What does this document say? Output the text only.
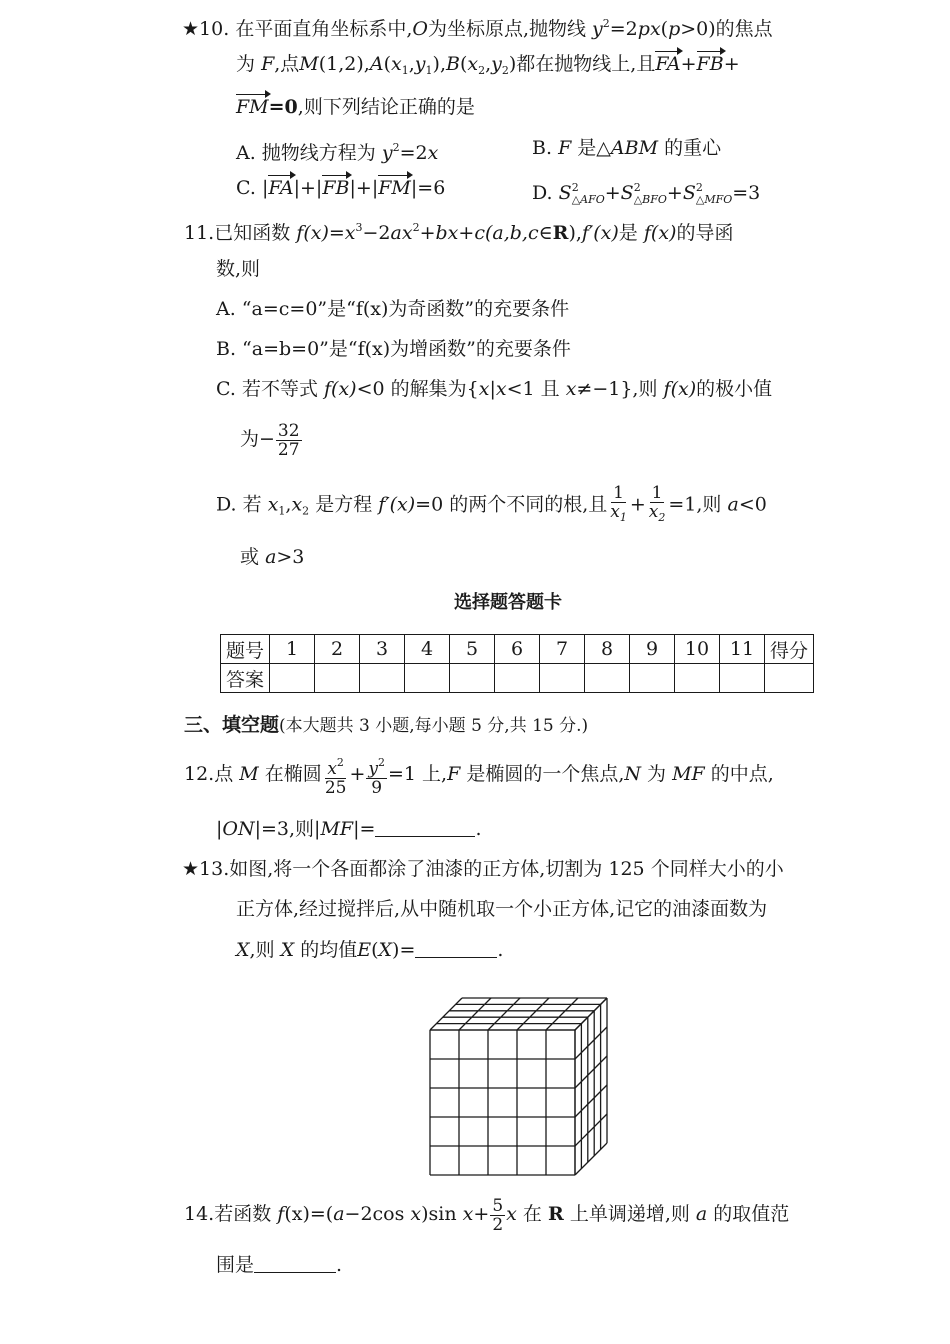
★10. 在平面直角坐标系中,O为坐标原点,抛物线 $y^2=2px(p>0)$的焦点
为 F,点$M(1,2),A(x_1,y_1),B(x_2,y_2)$都在抛物线上,且FA+FB+
FM=0,则下列结论正确的是
A. 抛物线方程为 $y^2=2x$	B. F 是△ABM 的重心
C. |FA|+|FB|+|FM|=6	D. $S^2_{\triangle AFO}+S^2_{\triangle BFO}+S^2_{\triangle MFO}=3$
11.已知函数 $f(x)=x^3-2ax^2+bx+c(a,b,c\in R),f'(x)$是 f(x)的导函
数,则
A. “a=c=0”是“f(x)为奇函数”的充要条件
B. “a=b=0”是“f(x)为增函数”的充要条件
C. 若不等式 f(x)<0 的解集为{x|x<1 且 x≠−1},则 f(x)的极小值
为− $\frac{32}{27}$
D. 若 $x_1,x_2$ 是方程 f′(x)=0 的两个不同的根,且 $\frac{1}{x_1} + \frac{1}{x_2} =1$,则 a<0
或 a>3
选择题答题卡
题号	1	2	3	4	5	6	7	8	9	10	11	得分
答案												
三、填空题(本大题共 3 小题,每小题 5 分,共 15 分.)
12.点 M 在椭圆 $\frac{x^2}{25} + \frac{y^2}{9} =1$ 上,F 是椭圆的一个焦点,N 为 MF 的中点,
|ON|=3,则|MF|=	.
★13.如图,将一个各面都涂了油漆的正方体,切割为 125 个同样大小的小
正方体,经过搅拌后,从中随机取一个小正方体,记它的油漆面数为
X,则 X 的均值E(X)=	.
14.若函数 f(x)=(a−2cos x)sin $x+ \frac{5}{2}$ x 在 R 上单调递增,则 a 的取值范
围是	.
